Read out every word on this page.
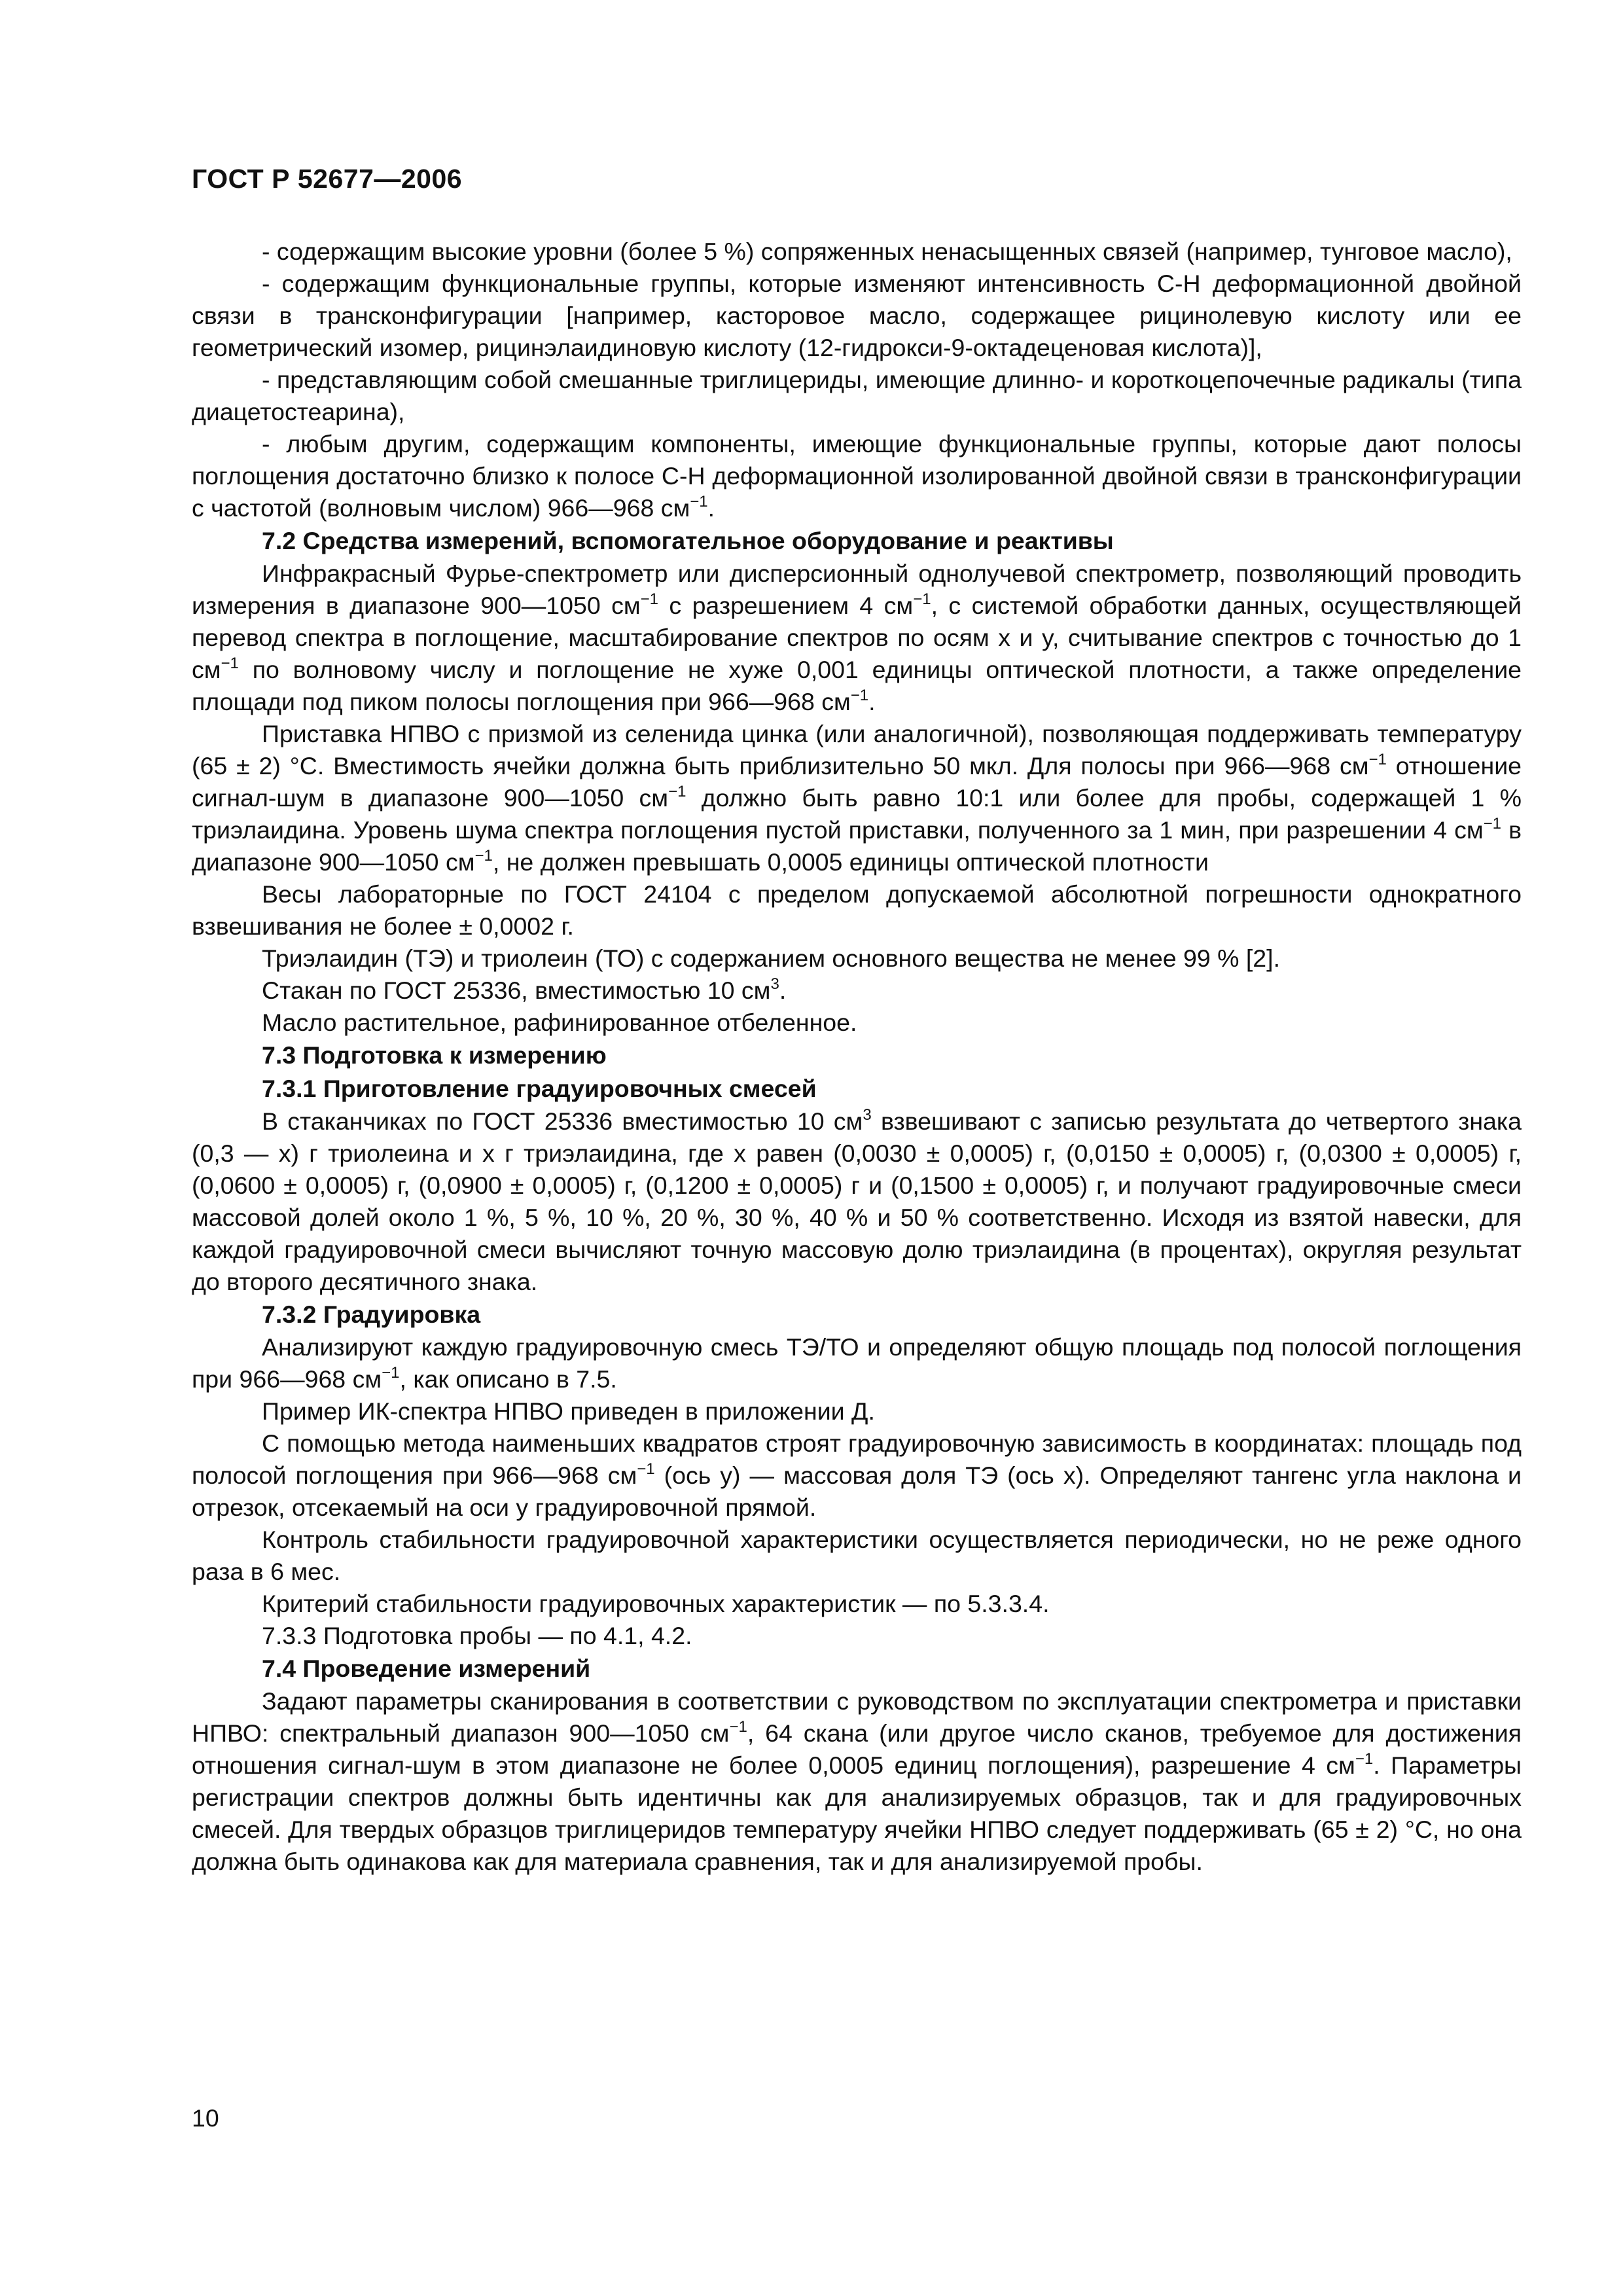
ГОСТ Р 52677—2006

- содержащим высокие уровни (более 5 %) сопряженных ненасыщенных связей (например, тунговое масло),

- содержащим функциональные группы, которые изменяют интенсивность C-H деформационной двойной связи в трансконфигурации [например, касторовое масло, содержащее рицинолевую кислоту или ее геометрический изомер, рицинэлаидиновую кислоту (12-гидрокси-9-октадеценовая кислота)],

- представляющим собой смешанные триглицериды, имеющие длинно- и короткоцепочечные радикалы (типа диацетостеарина),

- любым другим, содержащим компоненты, имеющие функциональные группы, которые дают полосы поглощения достаточно близко к полосе C-H деформационной изолированной двойной связи в трансконфигурации с частотой (волновым числом) 966—968 $см^{-1}$.

7.2 Средства измерений, вспомогательное оборудование и реактивы

Инфракрасный Фурье-спектрометр или дисперсионный однолучевой спектрометр, позволяющий проводить измерения в диапазоне 900—1050 $см^{-1}$ с разрешением 4 $см^{-1}$, с системой обработки данных, осуществляющей перевод спектра в поглощение, масштабирование спектров по осям x и y, считывание спектров с точностью до 1 $см^{-1}$ по волновому числу и поглощение не хуже 0,001 единицы оптической плотности, а также определение площади под пиком полосы поглощения при 966—968 $см^{-1}$.

Приставка НПВО с призмой из селенида цинка (или аналогичной), позволяющая поддерживать температуру (65 ± 2) °С. Вместимость ячейки должна быть приблизительно 50 мкл. Для полосы при 966—968 $см^{-1}$ отношение сигнал-шум в диапазоне 900—1050 $см^{-1}$ должно быть равно 10:1 или более для пробы, содержащей 1 % триэлаидина. Уровень шума спектра поглощения пустой приставки, полученного за 1 мин, при разрешении 4 $см^{-1}$ в диапазоне 900—1050 $см^{-1}$, не должен превышать 0,0005 единицы оптической плотности

Весы лабораторные по ГОСТ 24104 с пределом допускаемой абсолютной погрешности однократного взвешивания не более ± 0,0002 г.

Триэлаидин (ТЭ) и триолеин (ТО) с содержанием основного вещества не менее 99 % [2].

Стакан по ГОСТ 25336, вместимостью 10 $см^3$.

Масло растительное, рафинированное отбеленное.

7.3 Подготовка к измерению
7.3.1 Приготовление градуировочных смесей

В стаканчиках по ГОСТ 25336 вместимостью 10 $см^3$ взвешивают с записью результата до четвертого знака (0,3 — x) г триолеина и x г триэлаидина, где x равен (0,0030 ± 0,0005) г, (0,0150 ± 0,0005) г, (0,0300 ± 0,0005) г, (0,0600 ± 0,0005) г, (0,0900 ± 0,0005) г, (0,1200 ± 0,0005) г и (0,1500 ± 0,0005) г, и получают градуировочные смеси массовой долей около 1 %, 5 %, 10 %, 20 %, 30 %, 40 % и 50 % соответственно. Исходя из взятой навески, для каждой градуировочной смеси вычисляют точную массовую долю триэлаидина (в процентах), округляя результат до второго десятичного знака.

7.3.2 Градуировка

Анализируют каждую градуировочную смесь ТЭ/ТО и определяют общую площадь под полосой поглощения при 966—968 $см^{-1}$, как описано в 7.5.

Пример ИК-спектра НПВО приведен в приложении Д.

С помощью метода наименьших квадратов строят градуировочную зависимость в координатах: площадь под полосой поглощения при 966—968 $см^{-1}$ (ось y) — массовая доля ТЭ (ось x). Определяют тангенс угла наклона и отрезок, отсекаемый на оси y градуировочной прямой.

Контроль стабильности градуировочной характеристики осуществляется периодически, но не реже одного раза в 6 мес.

Критерий стабильности градуировочных характеристик — по 5.3.3.4.

7.3.3 Подготовка пробы — по 4.1, 4.2.

7.4 Проведение измерений

Задают параметры сканирования в соответствии с руководством по эксплуатации спектрометра и приставки НПВО: спектральный диапазон 900—1050 $см^{-1}$, 64 скана (или другое число сканов, требуемое для достижения отношения сигнал-шум в этом диапазоне не более 0,0005 единиц поглощения), разрешение 4 $см^{-1}$. Параметры регистрации спектров должны быть идентичны как для анализируемых образцов, так и для градуировочных смесей. Для твердых образцов триглицеридов температуру ячейки НПВО следует поддерживать (65 ± 2) °С, но она должна быть одинакова как для материала сравнения, так и для анализируемой пробы.

10
